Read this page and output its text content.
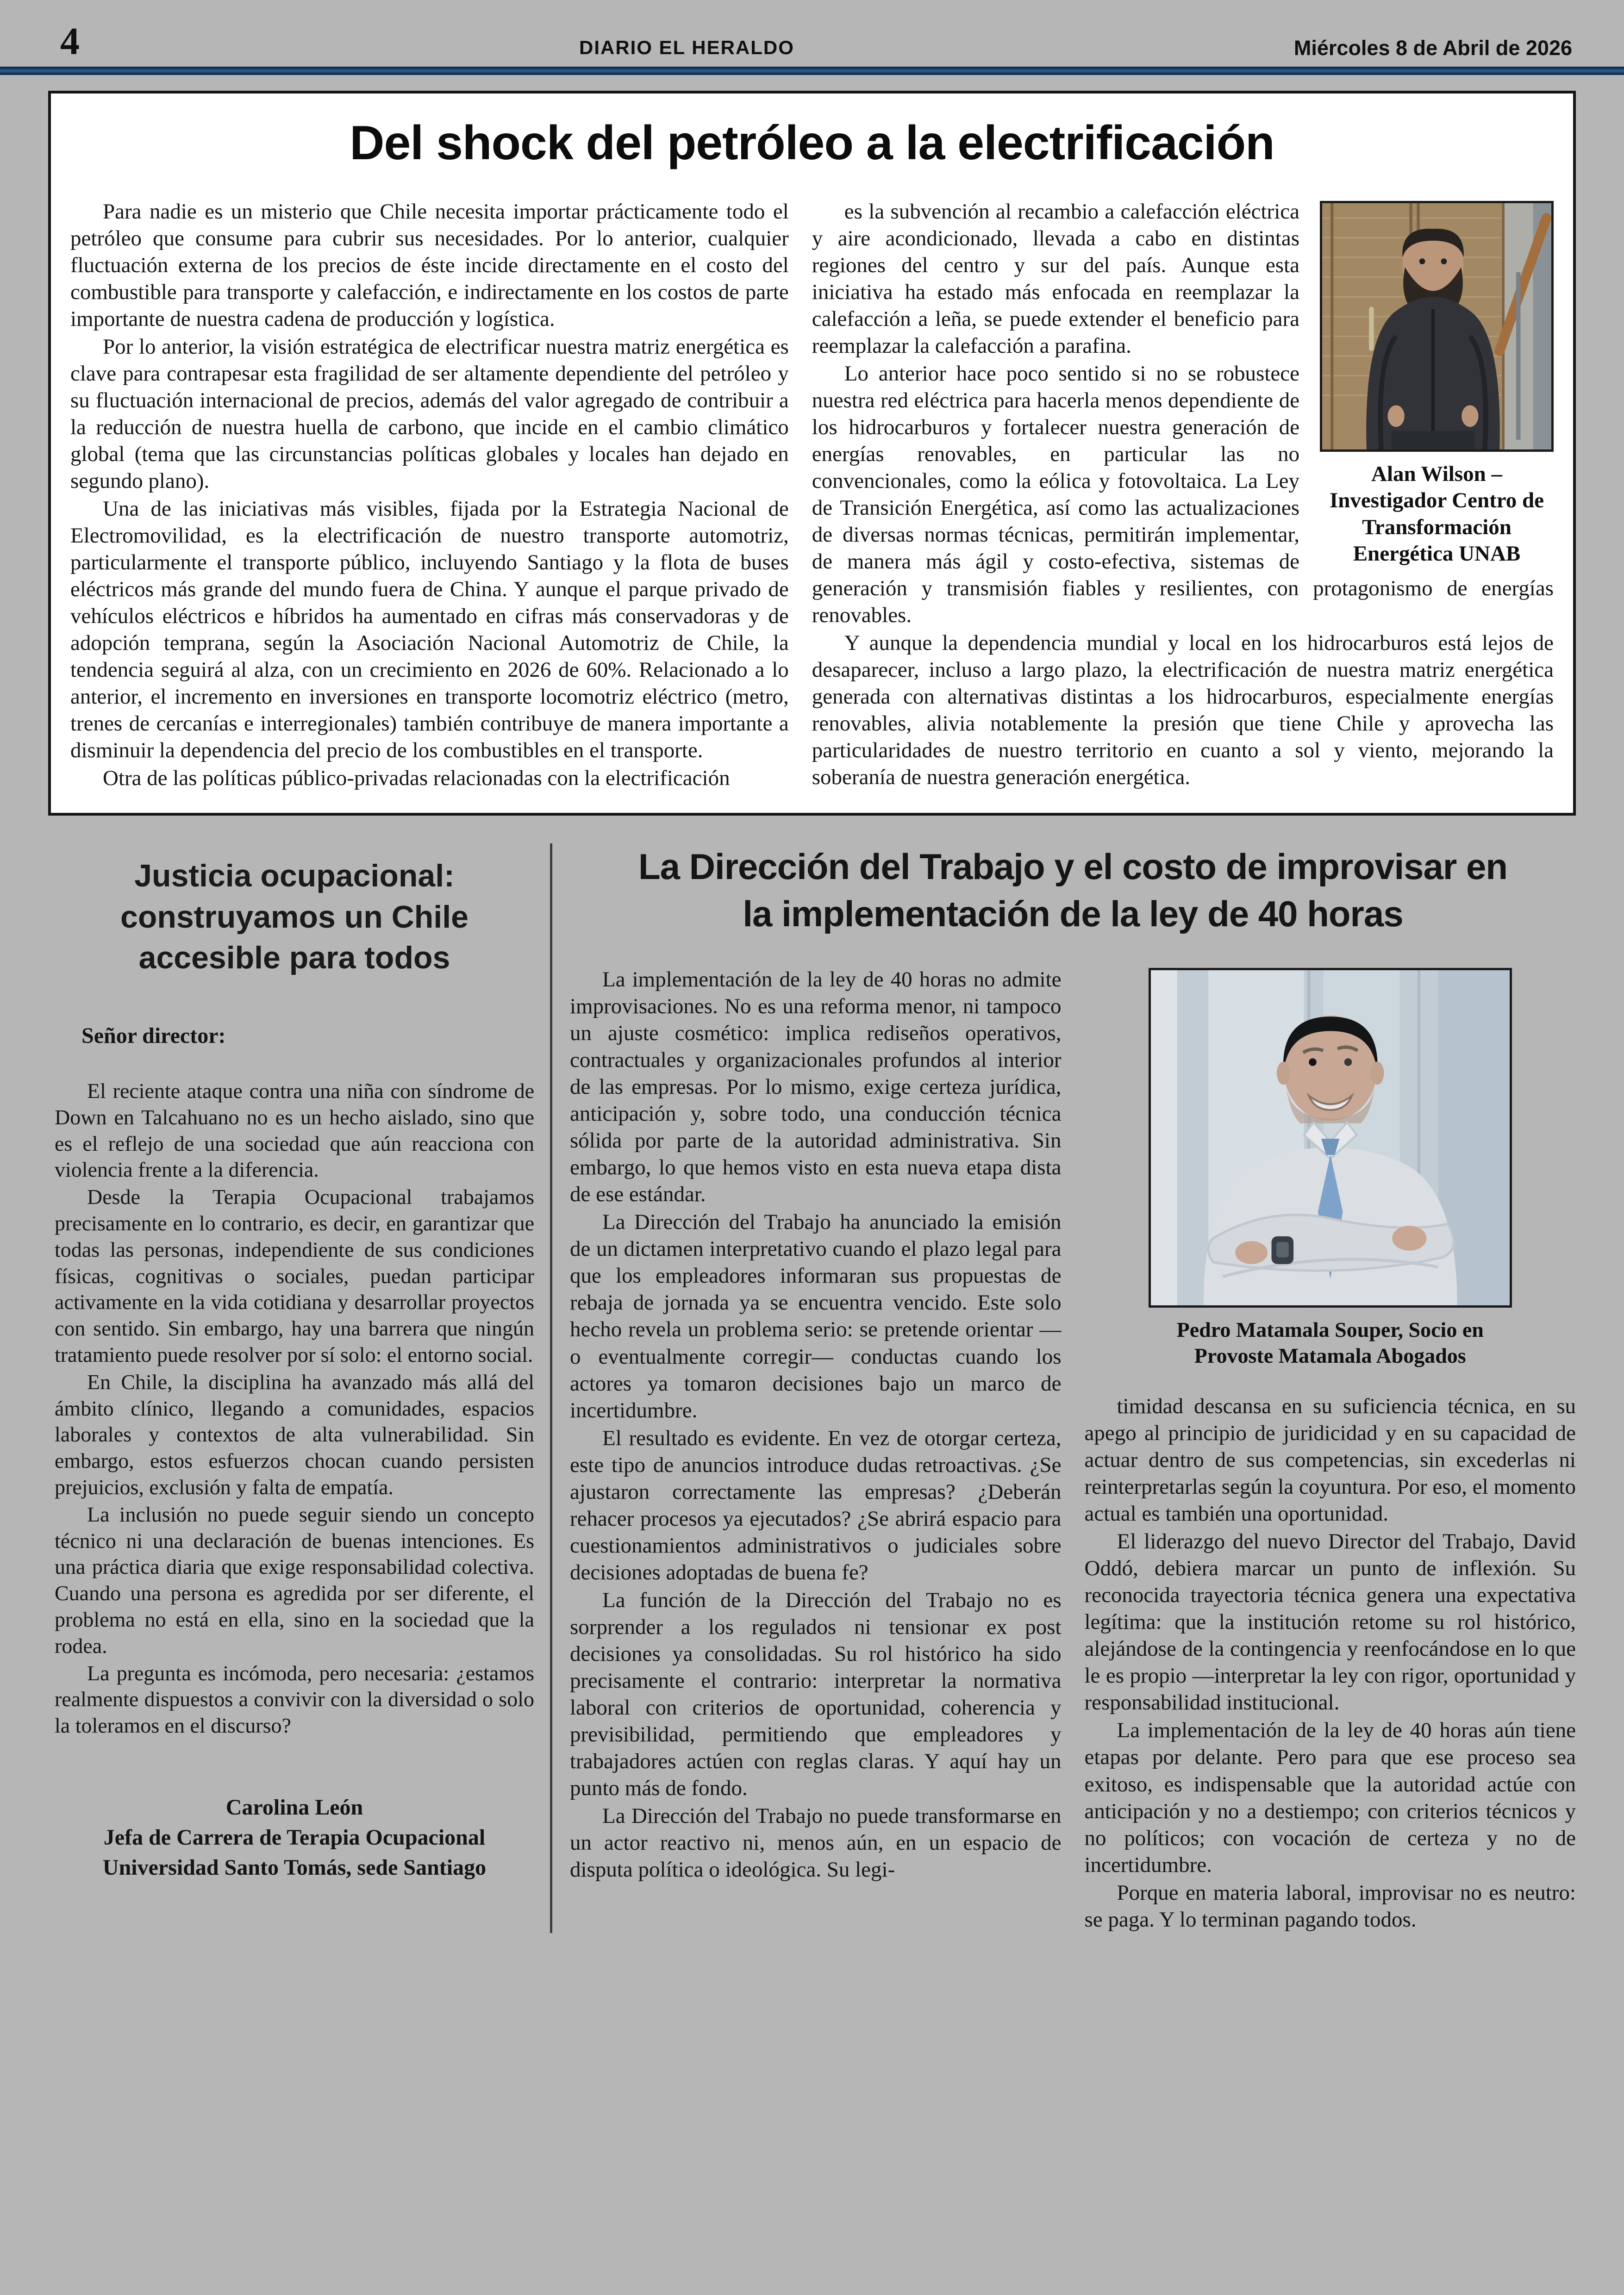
4	DIARIO EL HERALDO	Miércoles 8 de Abril de 2026
Del shock del petróleo a la electrificación

Para nadie es un misterio que Chile necesita importar prácticamente todo el petróleo que consume para cubrir sus necesidades. Por lo anterior, cualquier fluctuación externa de los precios de éste incide directamente en el costo del combustible para transporte y calefacción, e indirectamente en los costos de parte importante de nuestra cadena de producción y logística.

Por lo anterior, la visión estratégica de electrificar nuestra matriz energética es clave para contrapesar esta fragilidad de ser altamente dependiente del petróleo y su fluctuación internacional de precios, además del valor agregado de contribuir a la reducción de nuestra huella de carbono, que incide en el cambio climático global (tema que las circunstancias políticas globales y locales han dejado en segundo plano).

Una de las iniciativas más visibles, fijada por la Estrategia Nacional de Electromovilidad, es la electrificación de nuestro transporte automotriz, particularmente el transporte público, incluyendo Santiago y la flota de buses eléctricos más grande del mundo fuera de China. Y aunque el parque privado de vehículos eléctricos e híbridos ha aumentado en cifras más conservadoras y de adopción temprana, según la Asociación Nacional Automotriz de Chile, la tendencia seguirá al alza, con un crecimiento en 2026 de 60%. Relacionado a lo anterior, el incremento en inversiones en transporte locomotriz eléctrico (metro, trenes de cercanías e interregionales) también contribuye de manera importante a disminuir la dependencia del precio de los combustibles en el transporte.

Otra de las políticas público-privadas relacionadas con la electrificación

Alan Wilson – Investigador Centro de Transformación Energética UNAB

es la subvención al recambio a calefacción eléctrica y aire acondicionado, llevada a cabo en distintas regiones del centro y sur del país. Aunque esta iniciativa ha estado más enfocada en reemplazar la calefacción a leña, se puede extender el beneficio para reemplazar la calefacción a parafina.

Lo anterior hace poco sentido si no se robustece nuestra red eléctrica para hacerla menos dependiente de los hidrocarburos y fortalecer nuestra generación de energías renovables, en particular las no convencionales, como la eólica y fotovoltaica. La Ley de Transición Energética, así como las actualizaciones de diversas normas técnicas, permitirán implementar, de manera más ágil y costo-efectiva, sistemas de generación y transmisión fiables y resilientes, con protagonismo de energías renovables.

Y aunque la dependencia mundial y local en los hidrocarburos está lejos de desaparecer, incluso a largo plazo, la electrificación de nuestra matriz energética generada con alternativas distintas a los hidrocarburos, especialmente energías renovables, alivia notablemente la presión que tiene Chile y aprovecha las particularidades de nuestro territorio en cuanto a sol y viento, mejorando la soberanía de nuestra generación energética.

Justicia ocupacional: construyamos un Chile accesible para todos
Señor director:

El reciente ataque contra una niña con síndrome de Down en Talcahuano no es un hecho aislado, sino que es el reflejo de una sociedad que aún reacciona con violencia frente a la diferencia.

Desde la Terapia Ocupacional trabajamos precisamente en lo contrario, es decir, en garantizar que todas las personas, independiente de sus condiciones físicas, cognitivas o sociales, puedan participar activamente en la vida cotidiana y desarrollar proyectos con sentido. Sin embargo, hay una barrera que ningún tratamiento puede resolver por sí solo: el entorno social.

En Chile, la disciplina ha avanzado más allá del ámbito clínico, llegando a comunidades, espacios laborales y contextos de alta vulnerabilidad. Sin embargo, estos esfuerzos chocan cuando persisten prejuicios, exclusión y falta de empatía.

La inclusión no puede seguir siendo un concepto técnico ni una declaración de buenas intenciones. Es una práctica diaria que exige responsabilidad colectiva. Cuando una persona es agredida por ser diferente, el problema no está en ella, sino en la sociedad que la rodea.

La pregunta es incómoda, pero necesaria: ¿estamos realmente dispuestos a convivir con la diversidad o solo la toleramos en el discurso?

Carolina León
Jefa de Carrera de Terapia Ocupacional
Universidad Santo Tomás, sede Santiago
La Dirección del Trabajo y el costo de improvisar en la implementación de la ley de 40 horas

La implementación de la ley de 40 horas no admite improvisaciones. No es una reforma menor, ni tampoco un ajuste cosmético: implica rediseños operativos, contractuales y organizacionales profundos al interior de las empresas. Por lo mismo, exige certeza jurídica, anticipación y, sobre todo, una conducción técnica sólida por parte de la autoridad administrativa. Sin embargo, lo que hemos visto en esta nueva etapa dista de ese estándar.

La Dirección del Trabajo ha anunciado la emisión de un dictamen interpretativo cuando el plazo legal para que los empleadores informaran sus propuestas de rebaja de jornada ya se encuentra vencido. Este solo hecho revela un problema serio: se pretende orientar —o eventualmente corregir— conductas cuando los actores ya tomaron decisiones bajo un marco de incertidumbre.

El resultado es evidente. En vez de otorgar certeza, este tipo de anuncios introduce dudas retroactivas. ¿Se ajustaron correctamente las empresas? ¿Deberán rehacer procesos ya ejecutados? ¿Se abrirá espacio para cuestionamientos administrativos o judiciales sobre decisiones adoptadas de buena fe?

La función de la Dirección del Trabajo no es sorprender a los regulados ni tensionar ex post decisiones ya consolidadas. Su rol histórico ha sido precisamente el contrario: interpretar la normativa laboral con criterios de oportunidad, coherencia y previsibilidad, permitiendo que empleadores y trabajadores actúen con reglas claras. Y aquí hay un punto más de fondo.

La Dirección del Trabajo no puede transformarse en un actor reactivo ni, menos aún, en un espacio de disputa política o ideológica. Su legi-

Pedro Matamala Souper, Socio en Provoste Matamala Abogados

timidad descansa en su suficiencia técnica, en su apego al principio de juridicidad y en su capacidad de actuar dentro de sus competencias, sin excederlas ni reinterpretarlas según la coyuntura. Por eso, el momento actual es también una oportunidad.

El liderazgo del nuevo Director del Trabajo, David Oddó, debiera marcar un punto de inflexión. Su reconocida trayectoria técnica genera una expectativa legítima: que la institución retome su rol histórico, alejándose de la contingencia y reenfocándose en lo que le es propio —interpretar la ley con rigor, oportunidad y responsabilidad institucional.

La implementación de la ley de 40 horas aún tiene etapas por delante. Pero para que ese proceso sea exitoso, es indispensable que la autoridad actúe con anticipación y no a destiempo; con criterios técnicos y no políticos; con vocación de certeza y no de incertidumbre.

Porque en materia laboral, improvisar no es neutro: se paga. Y lo terminan pagando todos.
